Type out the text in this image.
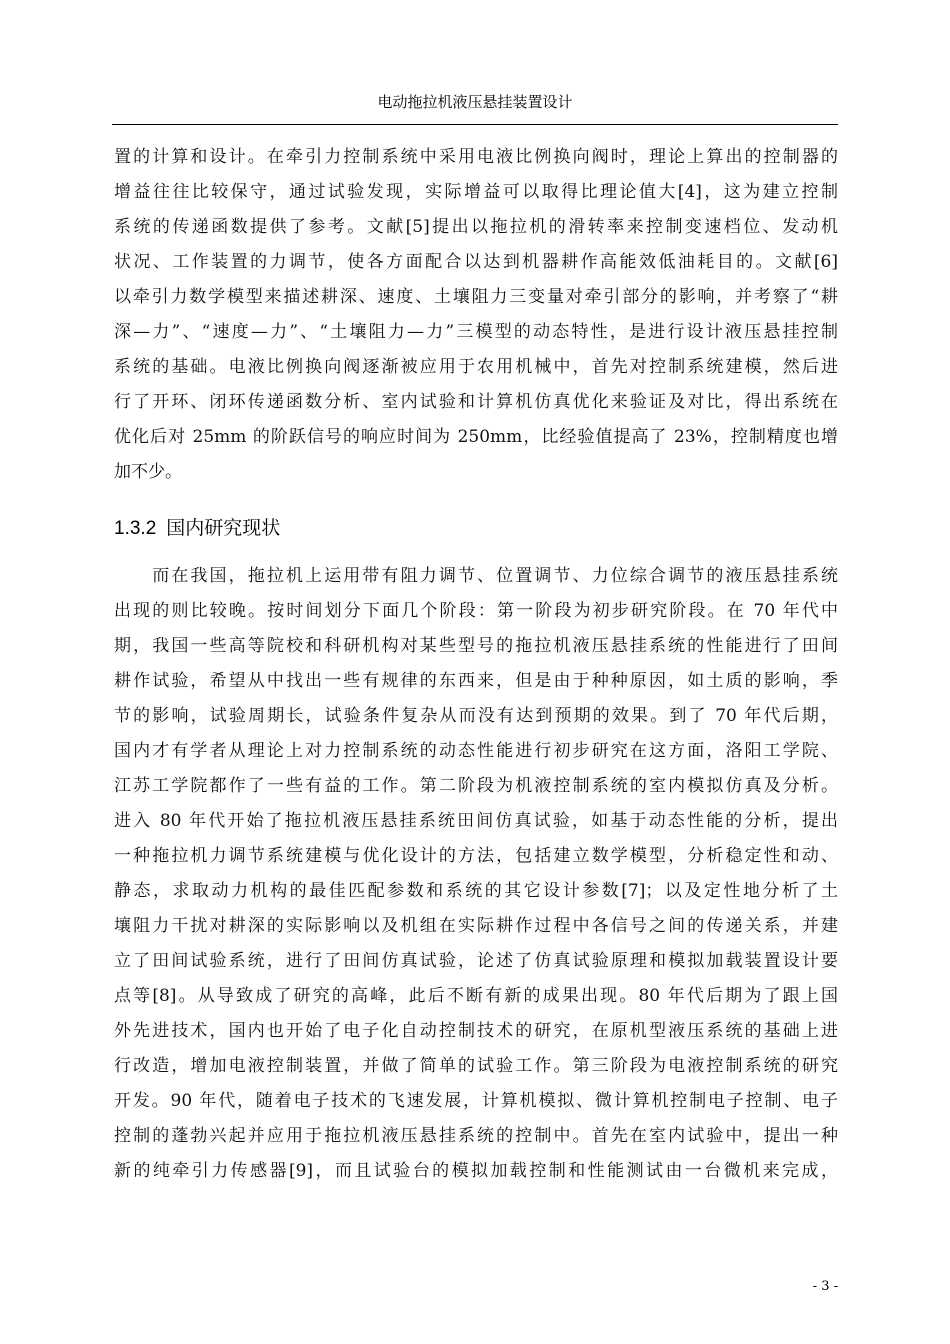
电动拖拉机液压悬挂装置设计
置的计算和设计。在牵引力控制系统中采用电液比例换向阀时，理论上算出的控制器的
增益往往比较保守，通过试验发现，实际增益可以取得比理论值大[4]，这为建立控制
系统的传递函数提供了参考。文献[5]提出以拖拉机的滑转率来控制变速档位、发动机
状况、工作装置的力调节，使各方面配合以达到机器耕作高能效低油耗目的。文献[6]
以牵引力数学模型来描述耕深、速度、土壤阻力三变量对牵引部分的影响，并考察了“耕
深—力”、“速度—力”、“土壤阻力—力”三模型的动态特性，是进行设计液压悬挂控制
系统的基础。电液比例换向阀逐渐被应用于农用机械中，首先对控制系统建模，然后进
行了开环、闭环传递函数分析、室内试验和计算机仿真优化来验证及对比，得出系统在
优化后对 25mm 的阶跃信号的响应时间为 250mm，比经验值提高了 23%，控制精度也增
加不少。
1.3.2 国内研究现状
　　而在我国，拖拉机上运用带有阻力调节、位置调节、力位综合调节的液压悬挂系统
出现的则比较晚。按时间划分下面几个阶段：第一阶段为初步研究阶段。在 70 年代中
期，我国一些高等院校和科研机构对某些型号的拖拉机液压悬挂系统的性能进行了田间
耕作试验，希望从中找出一些有规律的东西来，但是由于种种原因，如土质的影响，季
节的影响，试验周期长，试验条件复杂从而没有达到预期的效果。到了 70 年代后期，
国内才有学者从理论上对力控制系统的动态性能进行初步研究在这方面，洛阳工学院、
江苏工学院都作了一些有益的工作。第二阶段为机液控制系统的室内模拟仿真及分析。
进入 80 年代开始了拖拉机液压悬挂系统田间仿真试验，如基于动态性能的分析，提出
一种拖拉机力调节系统建模与优化设计的方法，包括建立数学模型，分析稳定性和动、
静态，求取动力机构的最佳匹配参数和系统的其它设计参数[7]；以及定性地分析了土
壤阻力干扰对耕深的实际影响以及机组在实际耕作过程中各信号之间的传递关系，并建
立了田间试验系统，进行了田间仿真试验，论述了仿真试验原理和模拟加载装置设计要
点等[8]。从导致成了研究的高峰，此后不断有新的成果出现。80 年代后期为了跟上国
外先进技术，国内也开始了电子化自动控制技术的研究，在原机型液压系统的基础上进
行改造，增加电液控制装置，并做了简单的试验工作。第三阶段为电液控制系统的研究
开发。90 年代，随着电子技术的飞速发展，计算机模拟、微计算机控制电子控制、电子
控制的蓬勃兴起并应用于拖拉机液压悬挂系统的控制中。首先在室内试验中，提出一种
新的纯牵引力传感器[9]，而且试验台的模拟加载控制和性能测试由一台微机来完成，
- 3 -
